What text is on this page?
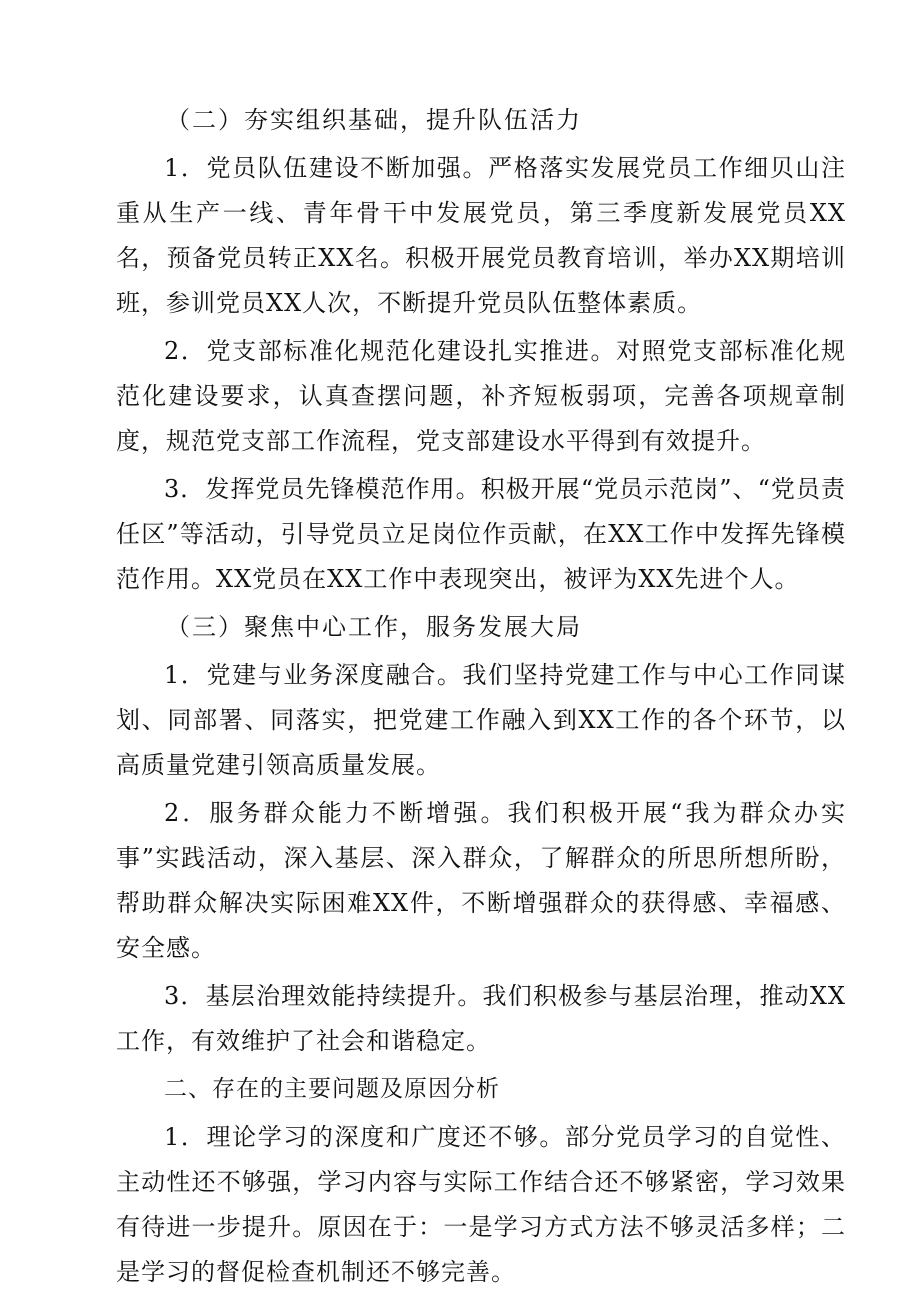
（二）夯实组织基础，提升队伍活力

1．党员队伍建设不断加强。严格落实发展党员工作细贝山注重从生产一线、青年骨干中发展党员，第三季度新发展党员XX名，预备党员转正XX名。积极开展党员教育培训，举办XX期培训班，参训党员XX人次，不断提升党员队伍整体素质。

2．党支部标准化规范化建设扎实推进。对照党支部标准化规范化建设要求，认真查摆问题，补齐短板弱项，完善各项规章制度，规范党支部工作流程，党支部建设水平得到有效提升。

3．发挥党员先锋模范作用。积极开展“党员示范岗”、“党员责任区”等活动，引导党员立足岗位作贡献，在XX工作中发挥先锋模范作用。XX党员在XX工作中表现突出，被评为XX先进个人。

（三）聚焦中心工作，服务发展大局

1．党建与业务深度融合。我们坚持党建工作与中心工作同谋划、同部署、同落实，把党建工作融入到XX工作的各个环节，以高质量党建引领高质量发展。

2．服务群众能力不断增强。我们积极开展“我为群众办实事”实践活动，深入基层、深入群众，了解群众的所思所想所盼，帮助群众解决实际困难XX件，不断增强群众的获得感、幸福感、安全感。

3．基层治理效能持续提升。我们积极参与基层治理，推动XX工作，有效维护了社会和谐稳定。

二、存在的主要问题及原因分析

1．理论学习的深度和广度还不够。部分党员学习的自觉性、主动性还不够强，学习内容与实际工作结合还不够紧密，学习效果有待进一步提升。原因在于：一是学习方式方法不够灵活多样；二是学习的督促检查机制还不够完善。
